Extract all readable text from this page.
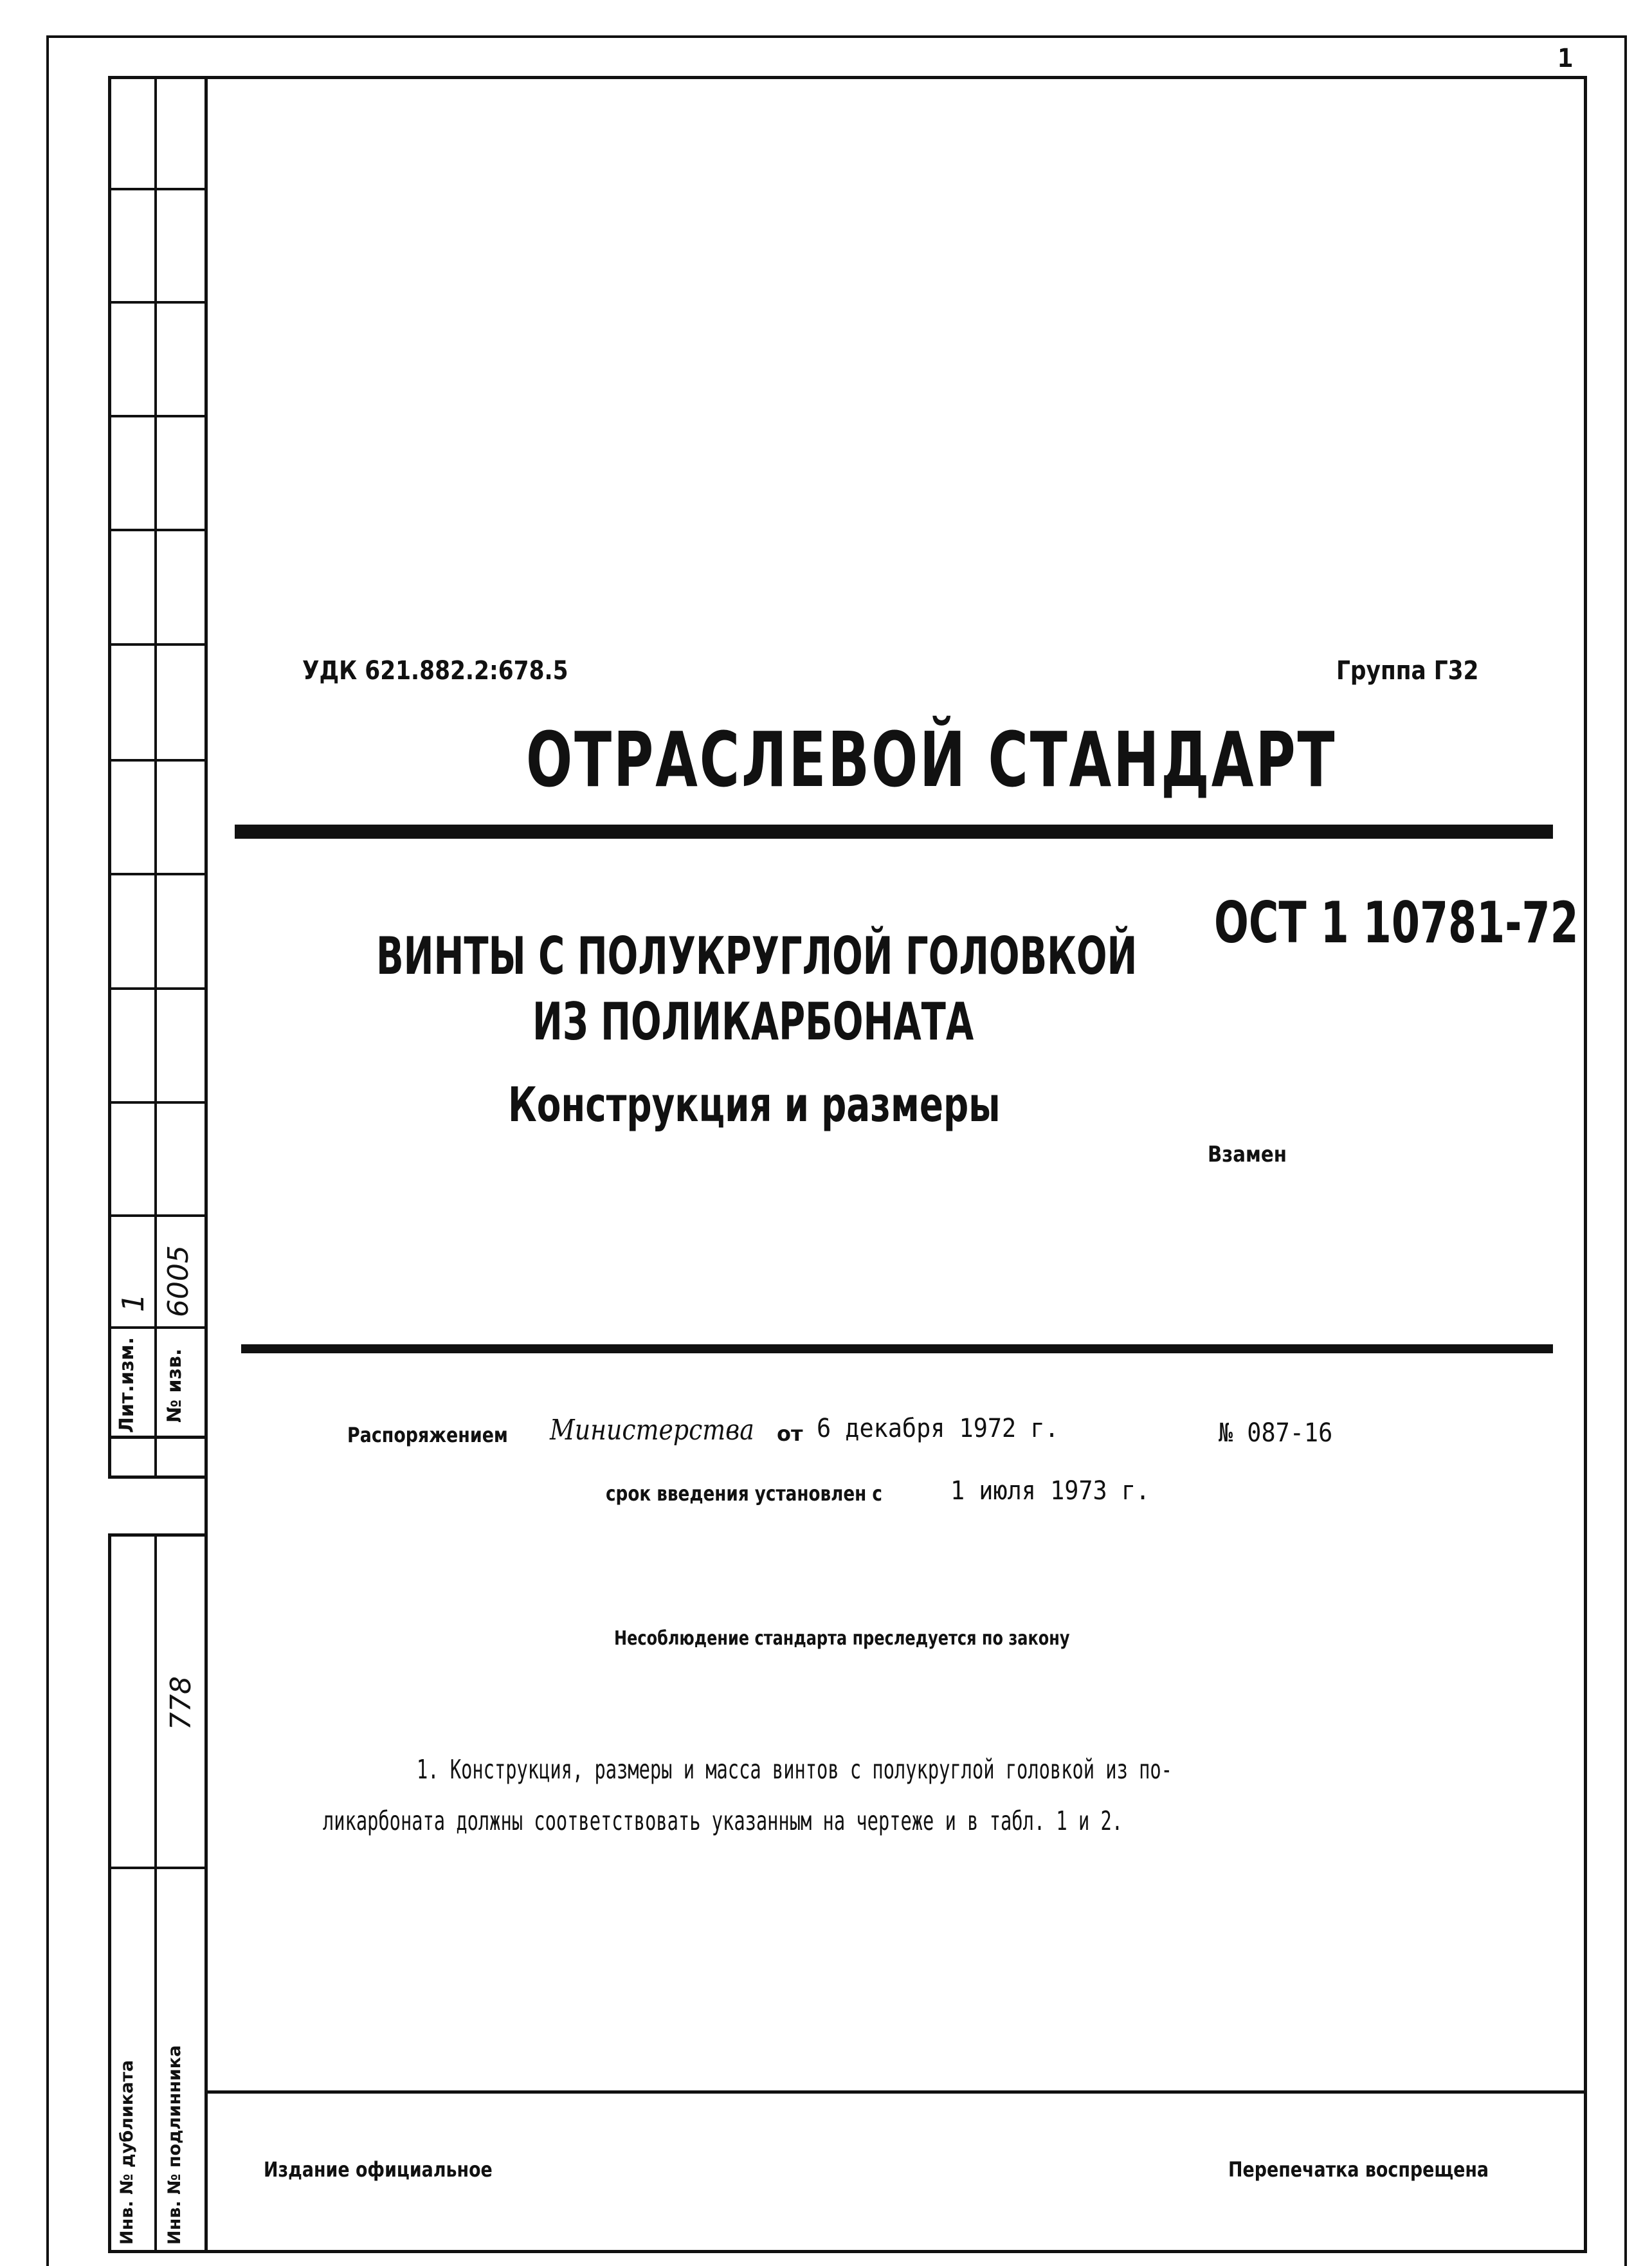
1
Лит.изм. № изв.
1 6005
778
Инв. № дубликата Инв. № подлинника
УДК 621.882.2:678.5	Группа Г32
ОТРАСЛЕВОЙ СТАНДАРТ
ОСТ 1 10781-72
ВИНТЫ С ПОЛУКРУГЛОЙ ГОЛОВКОЙ
ИЗ ПОЛИКАРБОНАТА
Конструкция и размеры
Взамен
Распоряжением	Министерства	от 6 декабря 1972 г.	№ 087-16
срок введения установлен с	1 июля 1973 г.
Несоблюдение стандарта преследуется по закону
1. Конструкция, размеры и масса винтов с полукруглой головкой из по-
ликарбоната должны соответствовать указанным на чертеже и в табл. 1 и 2.
Издание официальное	Перепечатка воспрещена
